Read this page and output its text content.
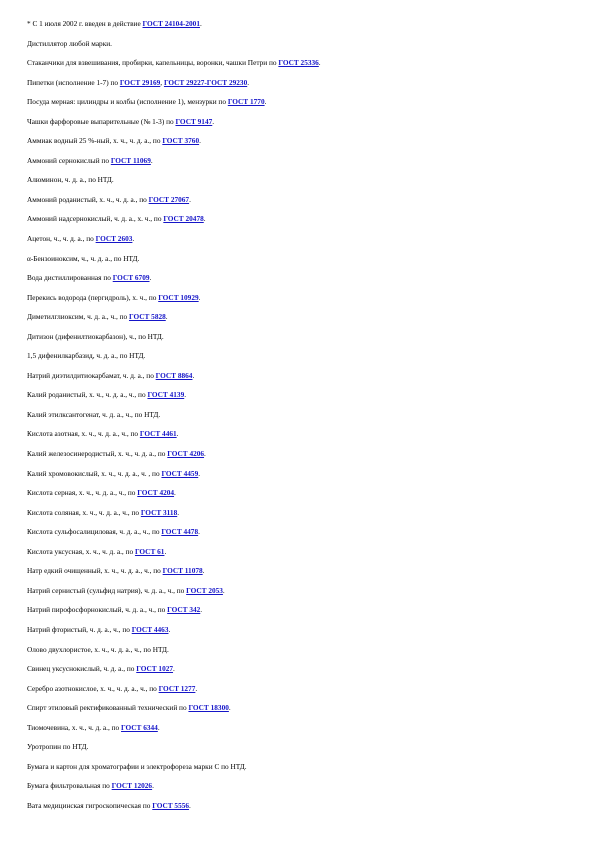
* С 1 июля 2002 г. введен в действие ГОСТ 24104-2001.
Дистиллятор любой марки.
Стаканчики для взвешивания, пробирки, капельницы, воронки, чашки Петри по ГОСТ 25336.
Пипетки (исполнение 1-7) по ГОСТ 29169, ГОСТ 29227-ГОСТ 29230.
Посуда мерная: цилиндры и колбы (исполнение 1), мензурки по ГОСТ 1770.
Чашки фарфоровые выпарительные (№ 1-3) по ГОСТ 9147.
Аммиак водный 25 %-ный, х. ч., ч. д. а., по ГОСТ 3760.
Аммоний сернокислый по ГОСТ 11069.
Алюминон, ч. д. а., по НТД.
Аммоний роданистый, х. ч., ч. д. а., по ГОСТ 27067.
Аммоний надсернокислый, ч. д. а., х. ч., по ГОСТ 20478.
Ацетон, ч., ч. д. а., по ГОСТ 2603.
α-Бензоиноксим, ч., ч. д. а., по НТД.
Вода дистиллированная по ГОСТ 6709.
Перекись водорода (пергидроль), х. ч., по ГОСТ 10929.
Диметилглиоксим, ч. д. а., ч., по ГОСТ 5828.
Дитизон (дифенилтиокарбазон), ч., по НТД.
1,5 дифенилкарбазид, ч. д. а., по НТД.
Натрий диэтилдитиокарбамат, ч. д. а., по ГОСТ 8864.
Калий роданистый, х. ч., ч. д. а., ч., по ГОСТ 4139.
Калий этилксантогенат, ч. д. а., ч., по НТД.
Кислота азотная, х. ч., ч. д. а., ч., по ГОСТ 4461.
Калий железосинеродистый, х. ч., ч. д. а., по ГОСТ 4206.
Калий хромовокислый, х. ч., ч. д. а., ч. , по ГОСТ 4459.
Кислота серная, х. ч., ч. д. а., ч., по ГОСТ 4204.
Кислота соляная, х. ч., ч. д. а., ч., по ГОСТ 3118.
Кислота сульфосалициловая, ч. д. а., ч., по ГОСТ 4478.
Кислота уксусная, х. ч., ч. д. а., по ГОСТ 61.
Натр едкий очищенный, х. ч., ч. д. а., ч., по ГОСТ 11078.
Натрий сернистый (сульфид натрия), ч. д. а., ч., по ГОСТ 2053.
Натрий пирофосфорнокислый, ч. д. а., ч., по ГОСТ 342.
Натрий фтористый, ч. д. а., ч., по ГОСТ 4463.
Олово двухлористое, х. ч., ч. д. а., ч., по НТД.
Свинец уксуснокислый, ч. д. а., по ГОСТ 1027.
Серебро азотнокислое, х. ч., ч. д. а., ч., по ГОСТ 1277.
Спирт этиловый ректификованный технический по ГОСТ 18300.
Тиомочевина, х. ч., ч. д. а., по ГОСТ 6344.
Уротропин по НТД.
Бумага и картон для хроматографии и электрофореза марки С по НТД.
Бумага фильтровальная по ГОСТ 12026.
Вата медицинская гигроскопическая по ГОСТ 5556.
